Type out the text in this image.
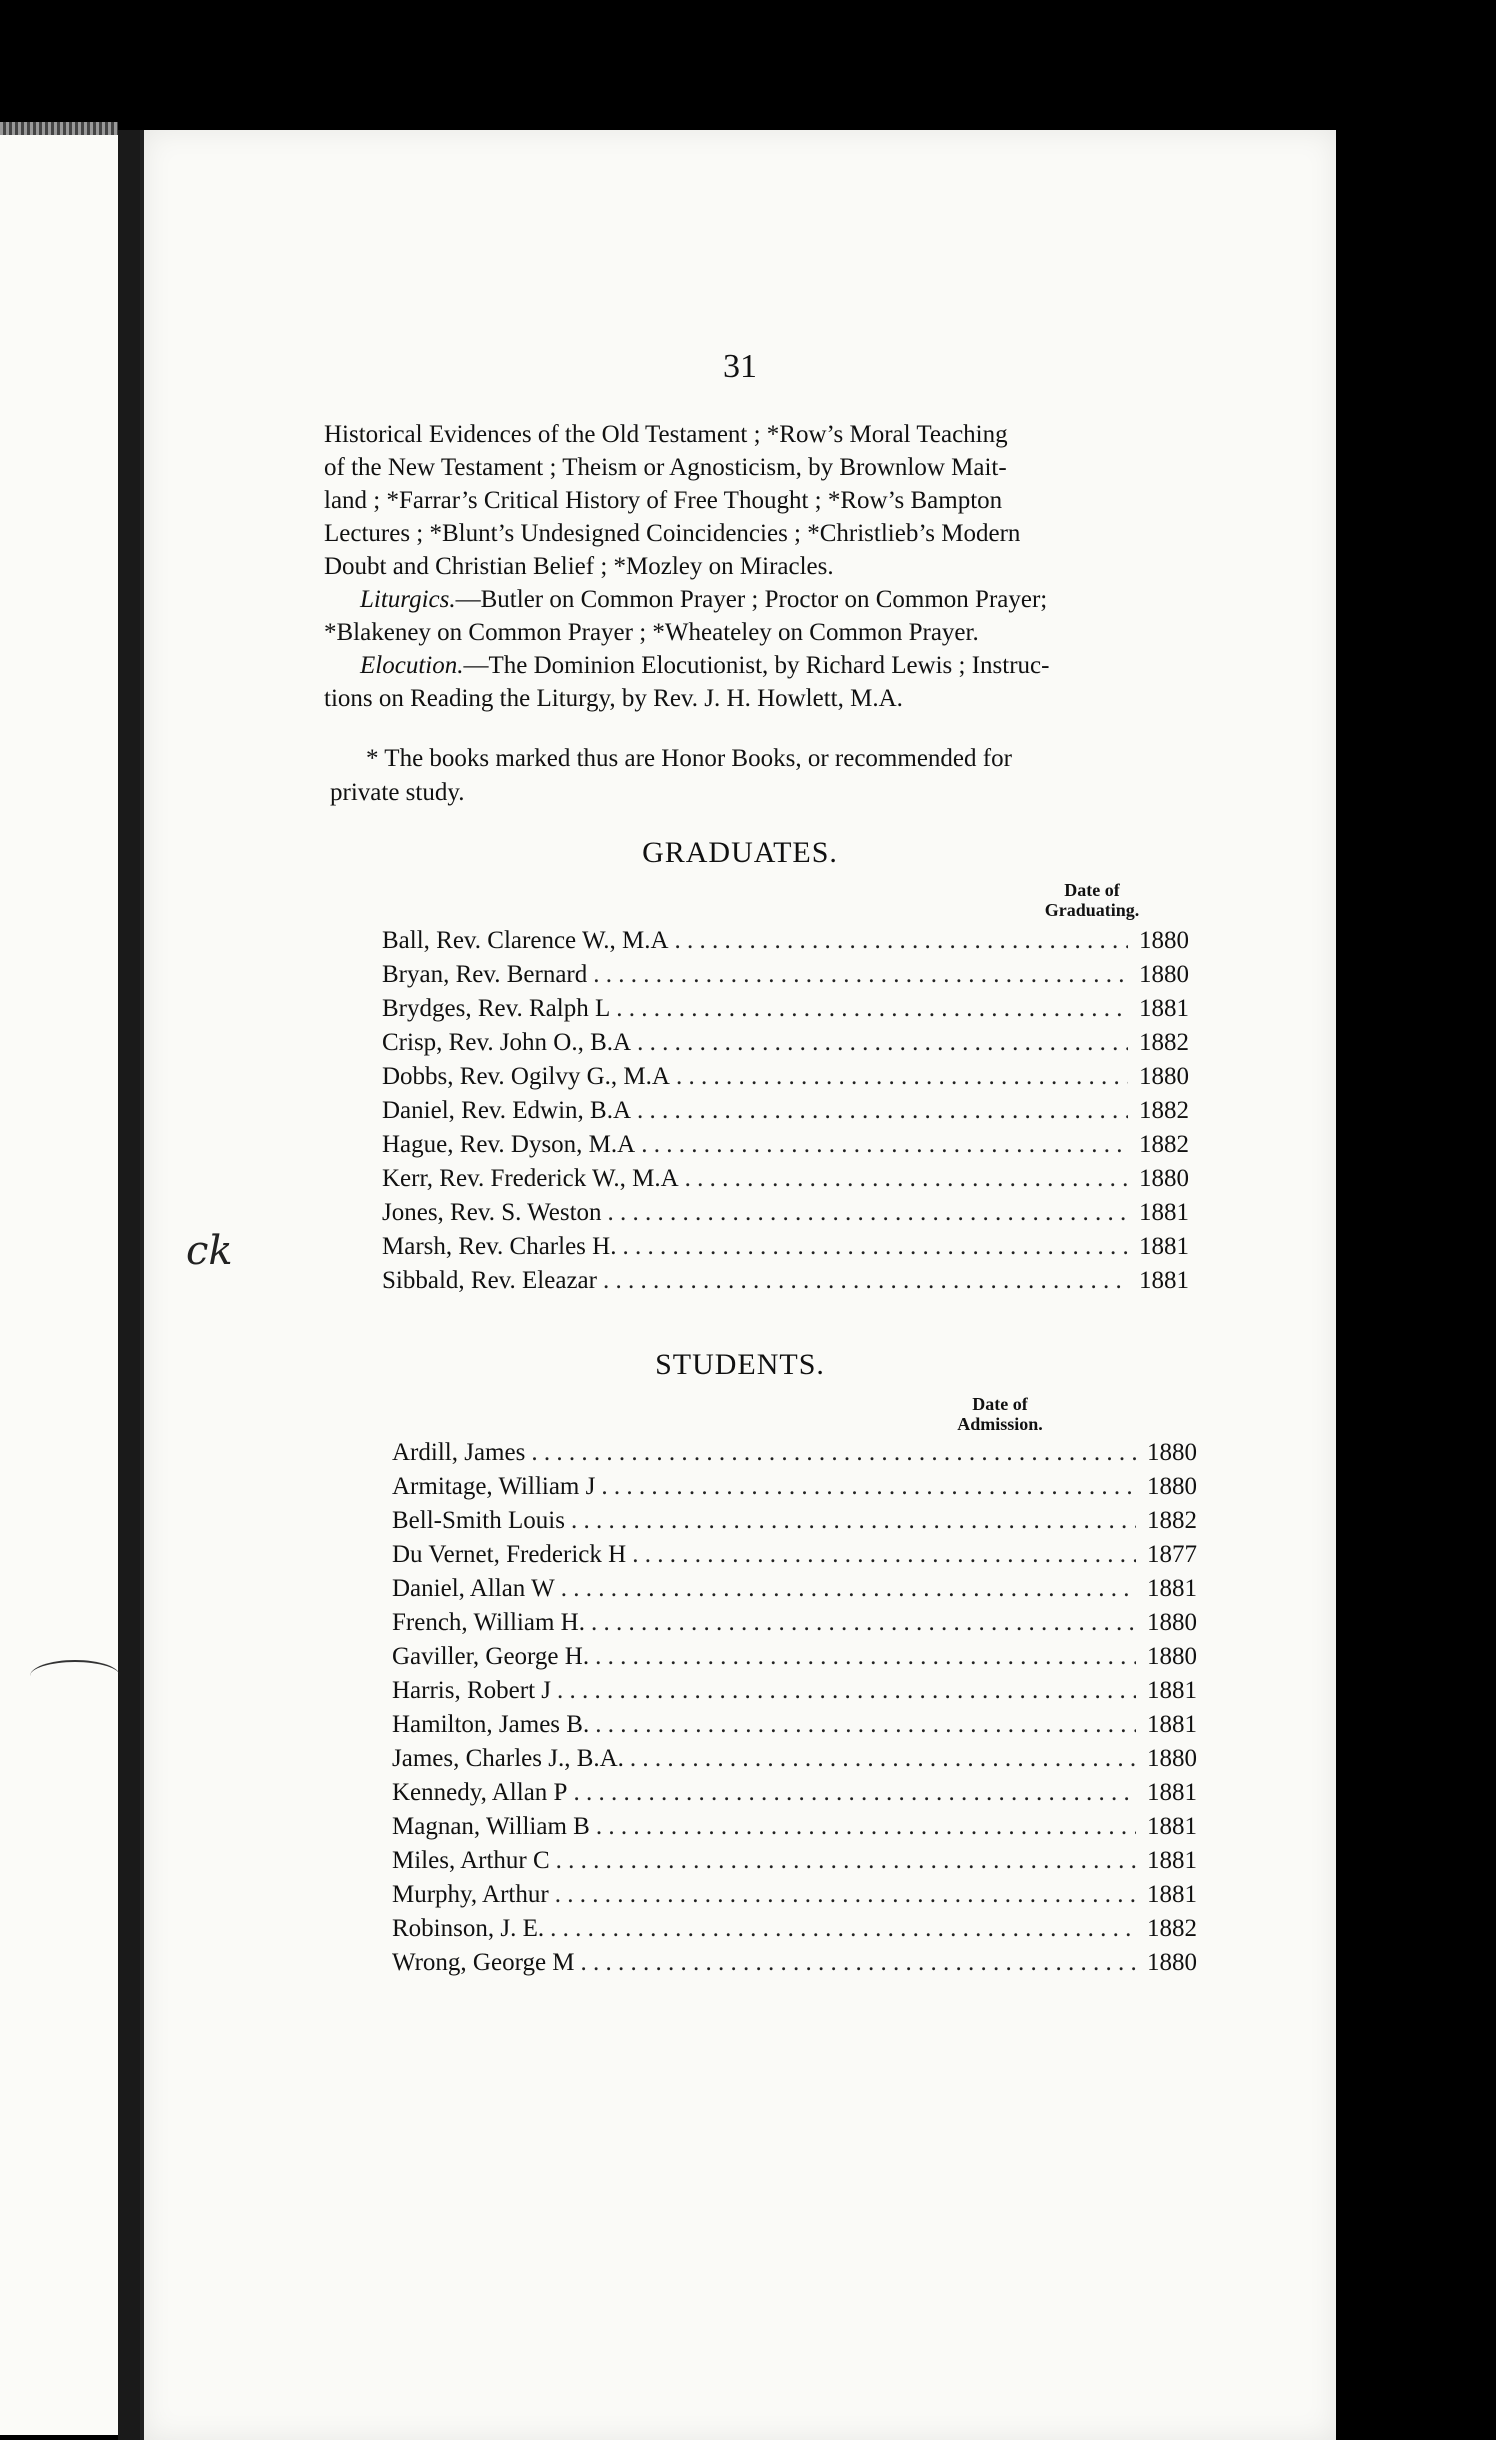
31
Historical Evidences of the Old Testament ; *Row’s Moral Teaching
of the New Testament ; Theism or Agnosticism, by Brownlow Mait-
land ; *Farrar’s Critical History of Free Thought ; *Row’s Bampton
Lectures ; *Blunt’s Undesigned Coincidencies ; *Christlieb’s Modern
Doubt and Christian Belief ; *Mozley on Miracles.
Liturgics.—Butler on Common Prayer ; Proctor on Common Prayer;
*Blakeney on Common Prayer ; *Wheateley on Common Prayer.
Elocution.—The Dominion Elocutionist, by Richard Lewis ; Instruc-
tions on Reading the Liturgy, by Rev. J. H. Howlett, M.A.
* The books marked thus are Honor Books, or recommended for
private study.
GRADUATES.
Date of
Graduating.
Ball, Rev. Clarence W., M.A . . .	1880
Bryan, Rev. Bernard . . .	1880
Brydges, Rev. Ralph L . . .	1881
Crisp, Rev. John O., B.A . . .	1882
Dobbs, Rev. Ogilvy G., M.A . . .	1880
Daniel, Rev. Edwin, B.A . . .	1882
Hague, Rev. Dyson, M.A . . .	1882
Kerr, Rev. Frederick W., M.A . . .	1880
Jones, Rev. S. Weston . . .	1881
Marsh, Rev. Charles H. . . .	1881
Sibbald, Rev. Eleazar . . .	1881
STUDENTS.
Date of
Admission.
Ardill, James . . .	1880
Armitage, William J . . .	1880
Bell-Smith Louis . . .	1882
Du Vernet, Frederick H . . .	1877
Daniel, Allan W . . .	1881
French, William H. . . .	1880
Gaviller, George H. . . .	1880
Harris, Robert J . . .	1881
Hamilton, James B. . . .	1881
James, Charles J., B.A. . . .	1880
Kennedy, Allan P . . .	1881
Magnan, William B . . .	1881
Miles, Arthur C . . .	1881
Murphy, Arthur . . .	1881
Robinson, J. E. . . .	1882
Wrong, George M . . .	1880
ck
